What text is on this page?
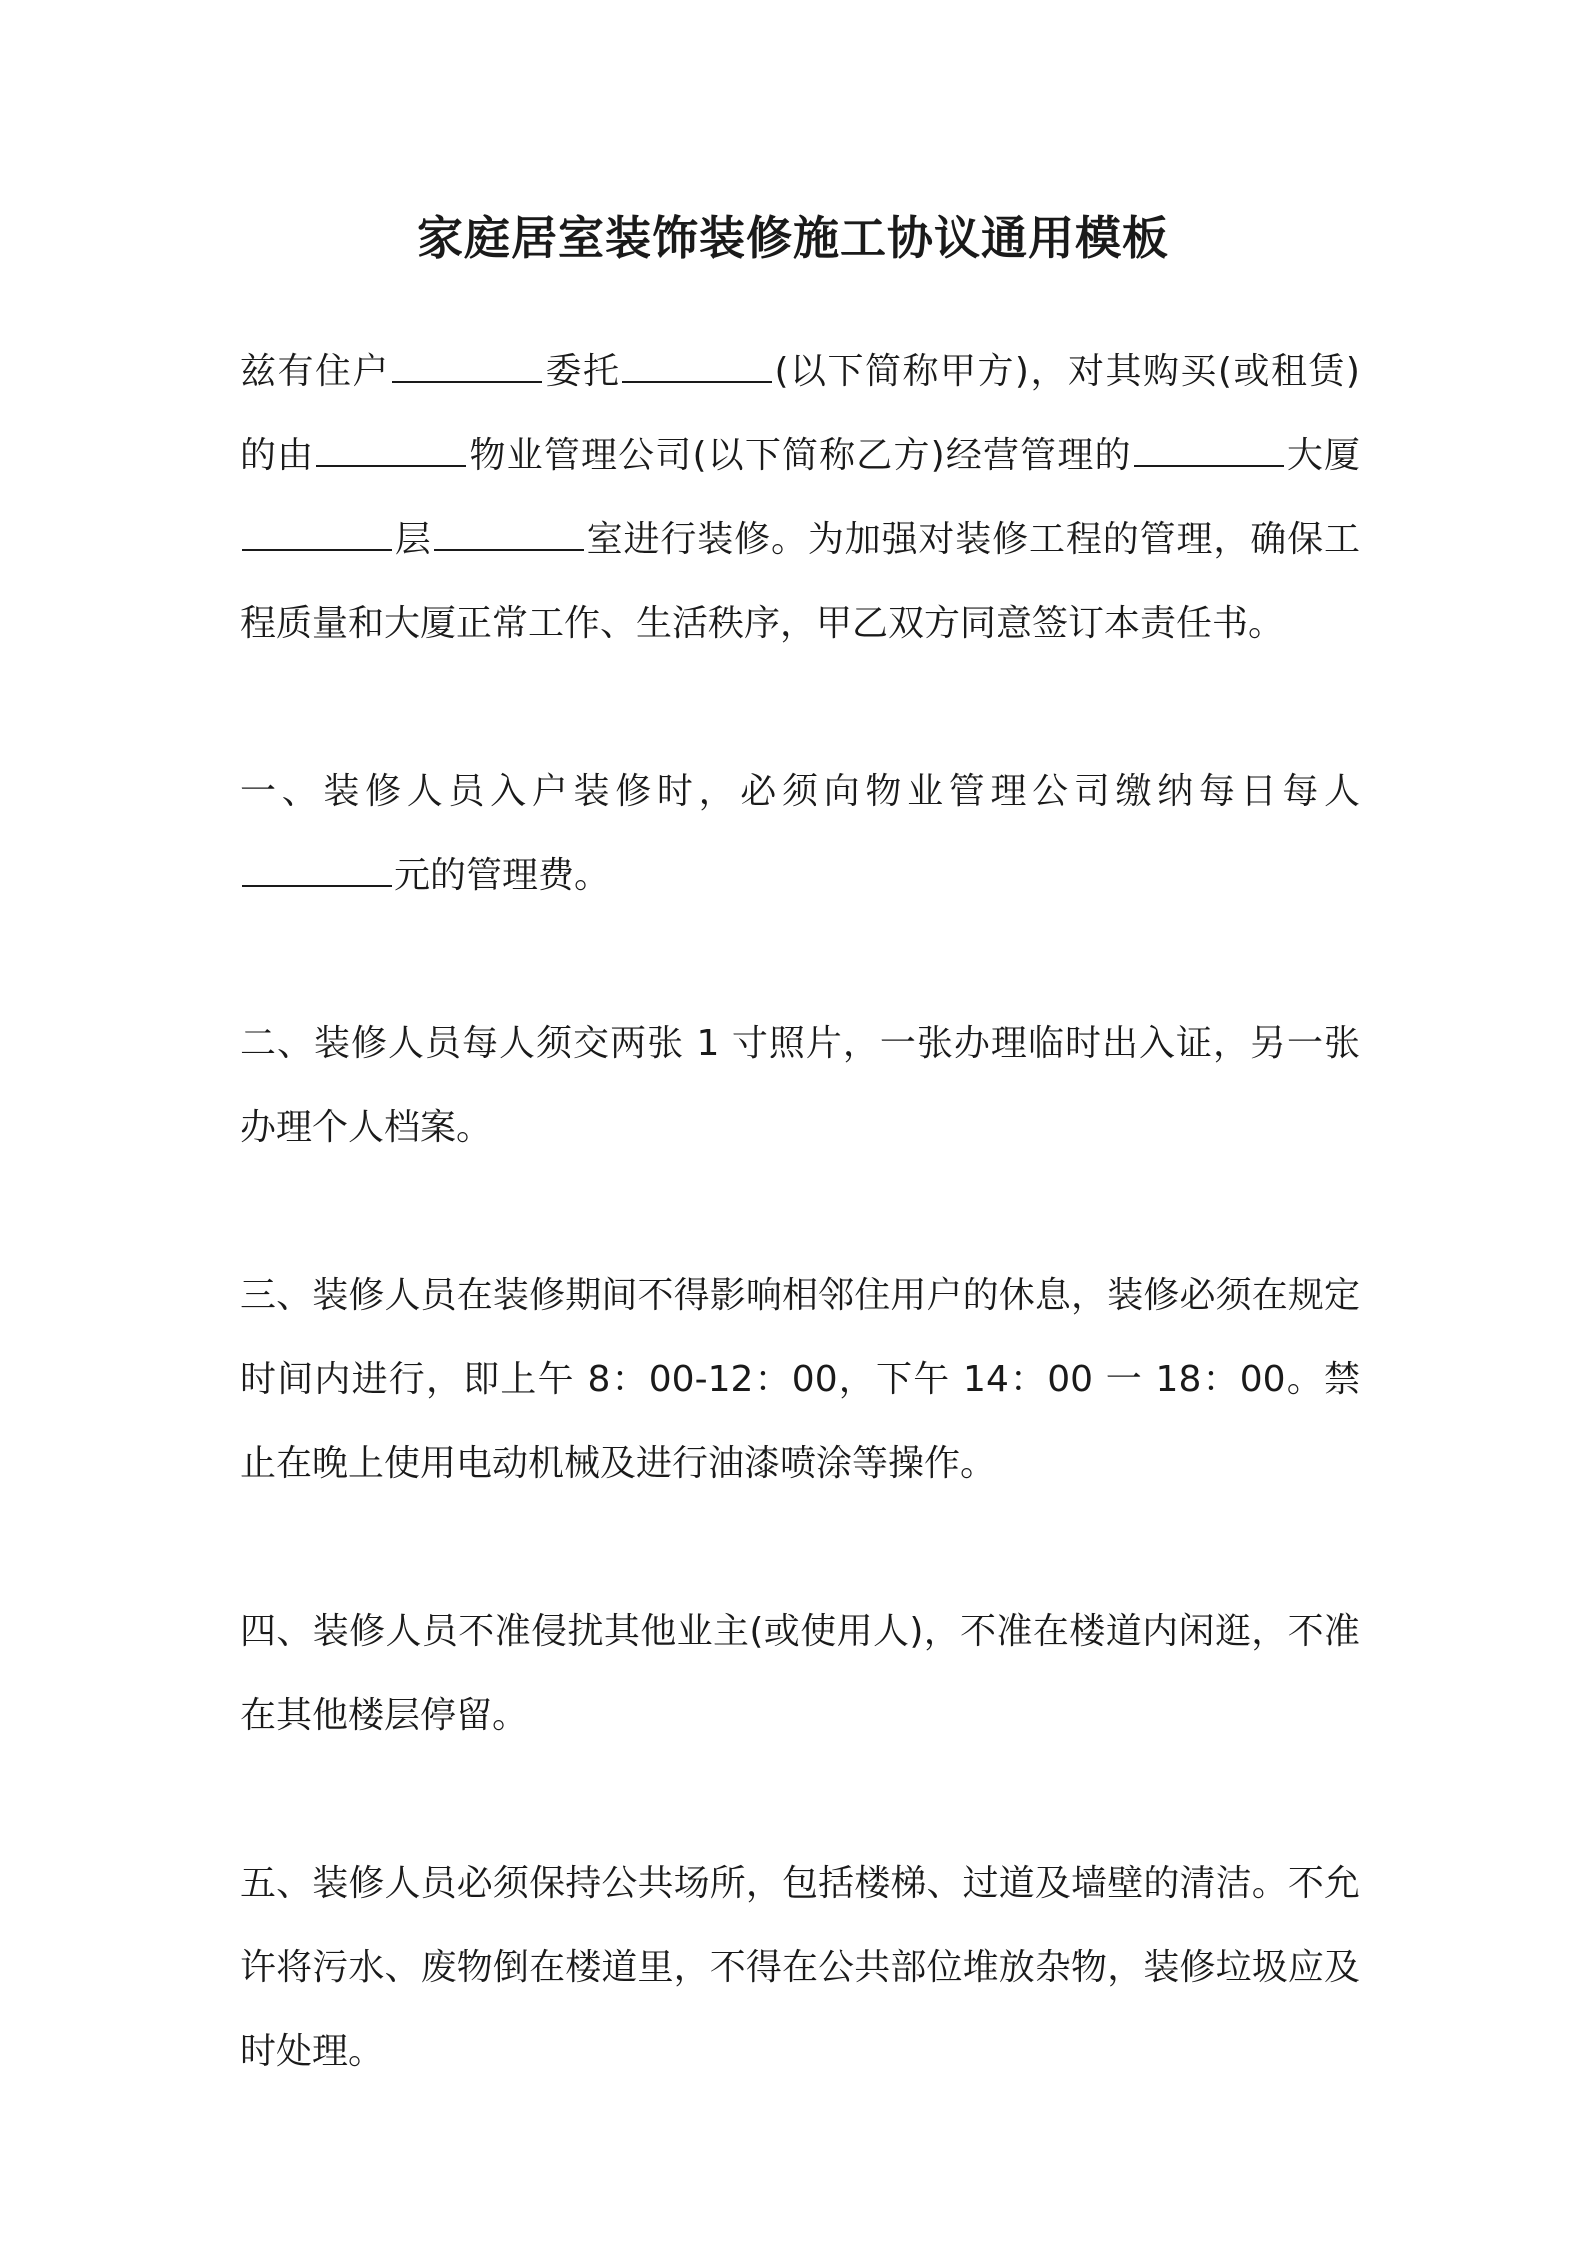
家庭居室装饰装修施工协议通用模板

兹有住户	委托	(以下简称甲方)，对其购买(或租赁)的由	物业管理公司(以下简称乙方)经营管理的	大厦层	室进行装修。为加强对装修工程的管理，确保工程质量和大厦正常工作、生活秩序，甲乙双方同意签订本责任书。

一、装修人员入户装修时，必须向物业管理公司缴纳每日每人元的管理费。

二、装修人员每人须交两张 1 寸照片，一张办理临时出入证，另一张办理个人档案。

三、装修人员在装修期间不得影响相邻住用户的休息，装修必须在规定时间内进行，即上午 8：00-12：00，下午 14：00 一 18：00。禁止在晚上使用电动机械及进行油漆喷涂等操作。

四、装修人员不准侵扰其他业主(或使用人)，不准在楼道内闲逛，不准在其他楼层停留。

五、装修人员必须保持公共场所，包括楼梯、过道及墙壁的清洁。不允许将污水、废物倒在楼道里，不得在公共部位堆放杂物，装修垃圾应及时处理。
